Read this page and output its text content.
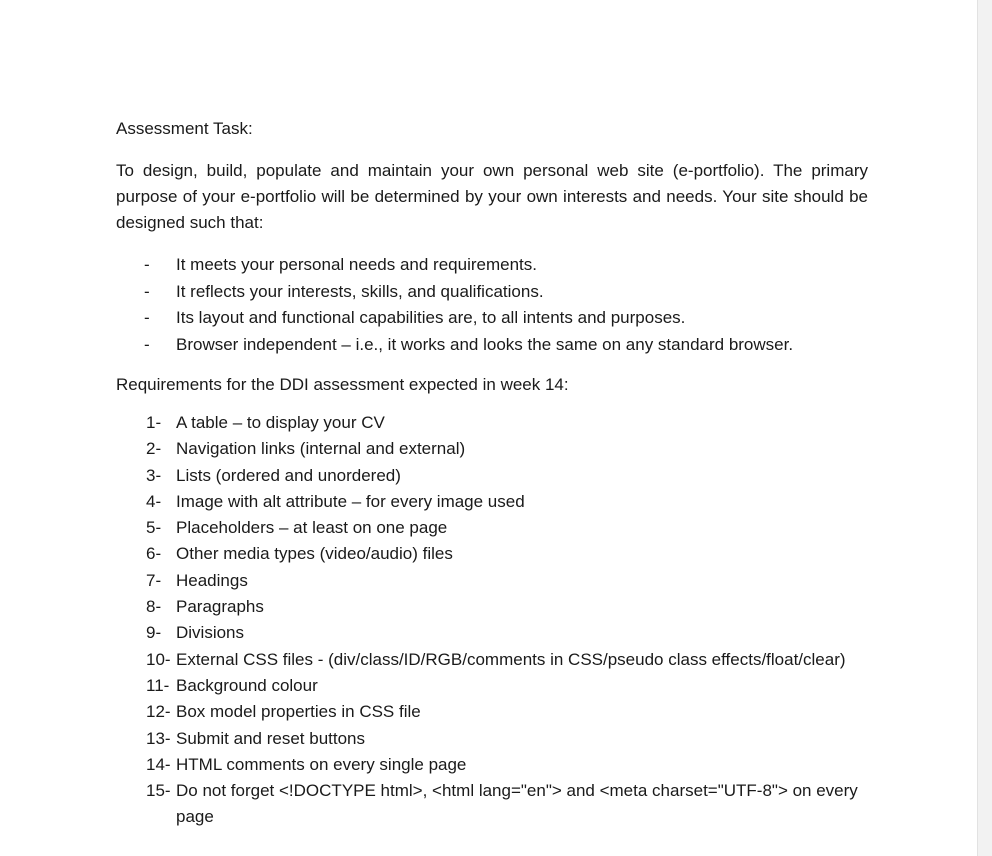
Assessment Task:

To design, build, populate and maintain your own personal web site (e-portfolio). The primary purpose of your e-portfolio will be determined by your own interests and needs. Your site should be designed such that:

- It meets your personal needs and requirements.
- It reflects your interests, skills, and qualifications.
- Its layout and functional capabilities are, to all intents and purposes.
- Browser independent – i.e., it works and looks the same on any standard browser.

Requirements for the DDI assessment expected in week 14:

1- A table – to display your CV
2- Navigation links (internal and external)
3- Lists (ordered and unordered)
4- Image with alt attribute – for every image used
5- Placeholders – at least on one page
6- Other media types (video/audio) files
7- Headings
8- Paragraphs
9- Divisions
10- External CSS files - (div/class/ID/RGB/comments in CSS/pseudo class effects/float/clear)
11- Background colour
12- Box model properties in CSS file
13- Submit and reset buttons
14- HTML comments on every single page
15- Do not forget <!DOCTYPE html>, <html lang="en"> and <meta charset="UTF-8"> on every page
